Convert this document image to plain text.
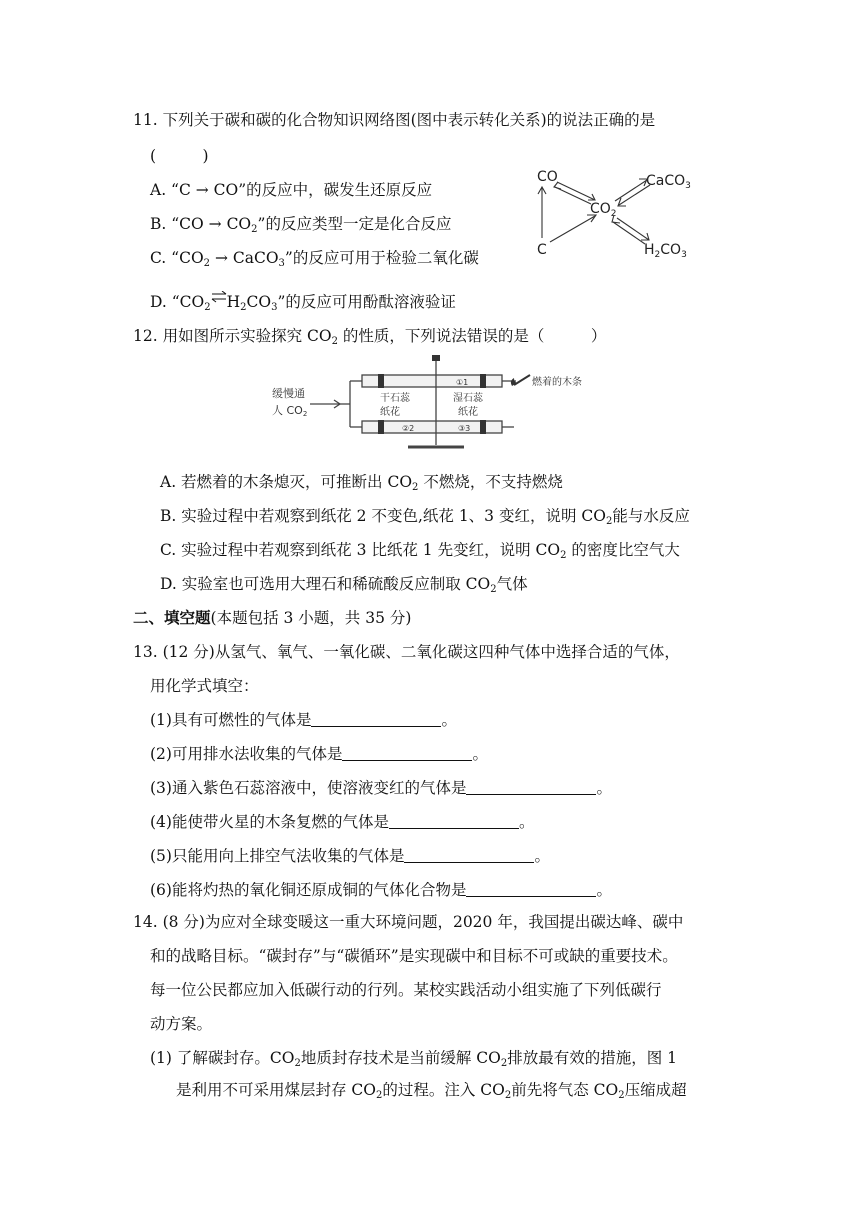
11. 下列关于碳和碳的化合物知识网络图(图中表示转化关系)的说法正确的是
(　　　)
A. “C → CO”的反应中，碳发生还原反应
B. “CO → $CO_2$”的反应类型一定是化合反应
C. “$CO_2$ → CaCO$_3$”的反应可用于检验二氧化碳
D. “$CO_2\rightleftharpoons H_2CO_3$”的反应可用酚酞溶液验证
CO
$CO_2$
CaCO$_3$
C	$H_2CO_3$
12. 用如图所示实验探究 $CO_2$ 的性质，下列说法错误的是（　　　）
缓慢通
人 CO2
①1
②2	③3
干石蕊
纸花
湿石蕊
纸花
燃着的木条
A. 若燃着的木条熄灭，可推断出 $CO_2$ 不燃烧，不支持燃烧
B. 实验过程中若观察到纸花 2 不变色,纸花 1、3 变红，说明 $CO_2$能与水反应
C. 实验过程中若观察到纸花 3 比纸花 1 先变红，说明 $CO_2$ 的密度比空气大
D. 实验室也可选用大理石和稀硫酸反应制取 $CO_2$气体
二、填空题(本题包括 3 小题，共 35 分)
13. (12 分)从氢气、氧气、一氧化碳、二氧化碳这四种气体中选择合适的气体，
用化学式填空：
(1)具有可燃性的气体是	。
(2)可用排水法收集的气体是	。
(3)通入紫色石蕊溶液中，使溶液变红的气体是	。
(4)能使带火星的木条复燃的气体是	。
(5)只能用向上排空气法收集的气体是	。
(6)能将灼热的氧化铜还原成铜的气体化合物是	。
14. (8 分)为应对全球变暖这一重大环境问题，2020 年，我国提出碳达峰、碳中
和的战略目标。“碳封存”与“碳循环”是实现碳中和目标不可或缺的重要技术。
每一位公民都应加入低碳行动的行列。某校实践活动小组实施了下列低碳行
动方案。
(1) 了解碳封存。$CO_2$地质封存技术是当前缓解 $CO_2$排放最有效的措施，图 1
是利用不可采用煤层封存 $CO_2$的过程。注入 $CO_2$前先将气态 $CO_2$压缩成超
